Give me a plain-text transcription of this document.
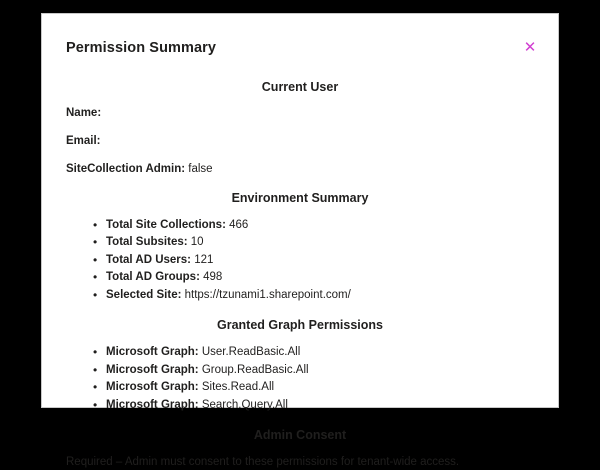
Permission Summary	✕
Current User
Name:
Email:
SiteCollection Admin: false
Environment Summary
• Total Site Collections: 466
• Total Subsites: 10
• Total AD Users: 121
• Total AD Groups: 498
• Selected Site: https://tzunami1.sharepoint.com/
Granted Graph Permissions
• Microsoft Graph: User.ReadBasic.All
• Microsoft Graph: Group.ReadBasic.All
• Microsoft Graph: Sites.Read.All
• Microsoft Graph: Search.Query.All
Admin Consent
Required – Admin must consent to these permissions for tenant-wide access.
